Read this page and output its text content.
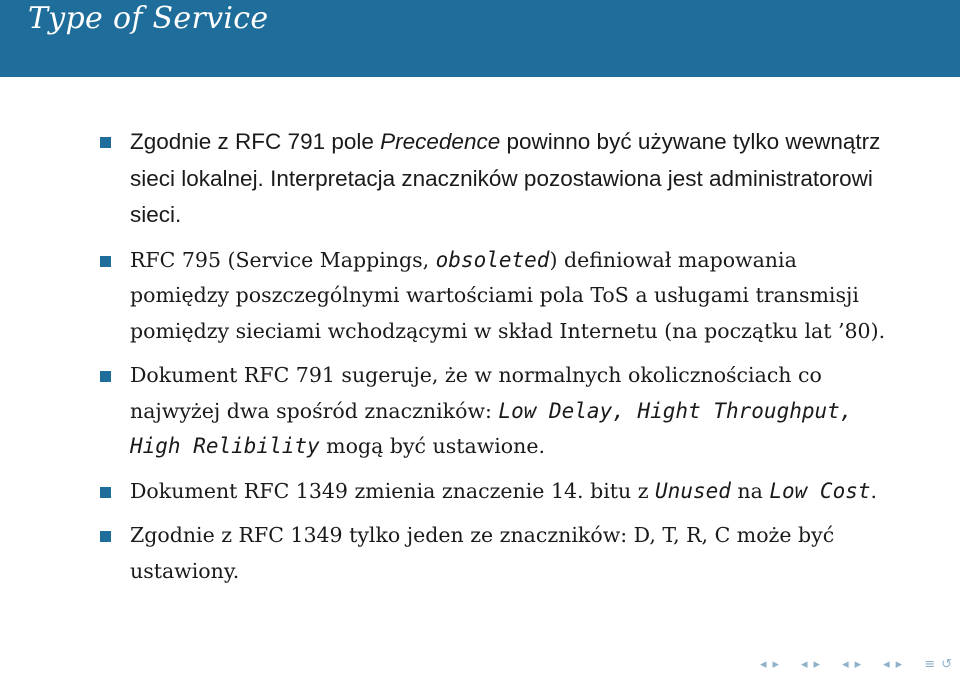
Type of Service
Zgodnie z RFC 791 pole Precedence powinno być używane tylko wewnątrz sieci lokalnej. Interpretacja znaczników pozostawiona jest administratorowi sieci.
RFC 795 (Service Mappings, obsoleted) definiował mapowania pomiędzy poszczególnymi wartościami pola ToS a usługami transmisji pomiędzy sieciami wchodzącymi w skład Internetu (na początku lat ’80).
Dokument RFC 791 sugeruje, że w normalnych okolicznościach co najwyżej dwa spośród znaczników: Low Delay, Hight Throughput, High Relibility mogą być ustawione.
Dokument RFC 1349 zmienia znaczenie 14. bitu z Unused na Low Cost.
Zgodnie z RFC 1349 tylko jeden ze znaczników: D, T, R, C może być ustawiony.
◂ ▸ ◂ ▸ ◂ ▸ ◂ ▸ ≡ ↺
